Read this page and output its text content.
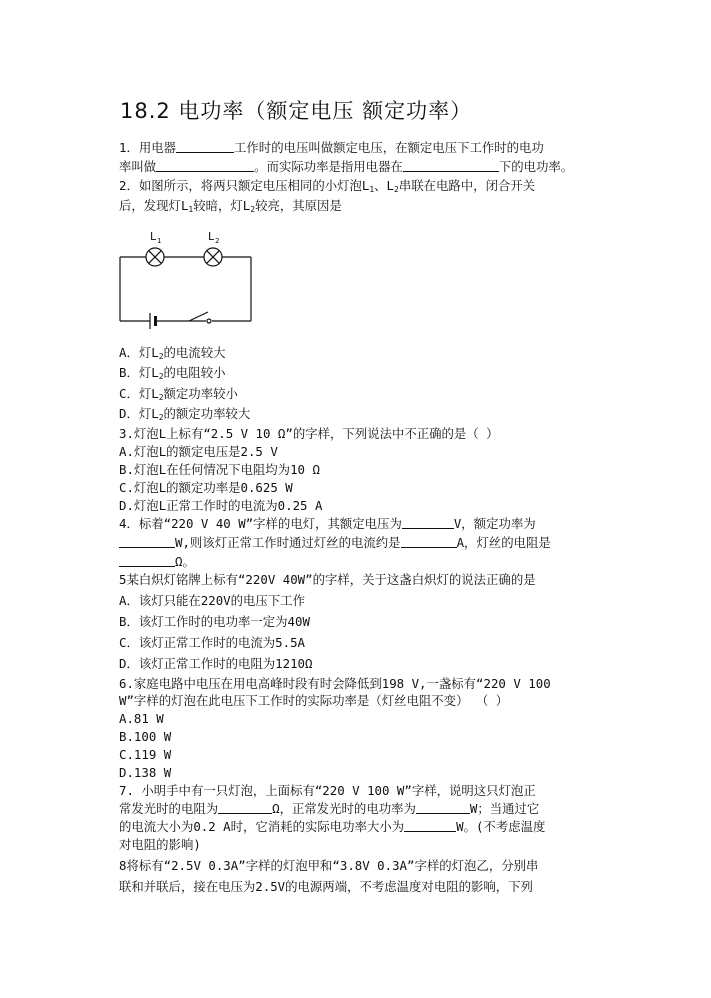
18.2 电功率（额定电压 额定功率）
1．用电器	工作时的电压叫做额定电压，在额定电压下工作时的电功
率叫做	。而实际功率是指用电器在	下的电功率。
2．如图所示，将两只额定电压相同的小灯泡$L_1$、$L_2$串联在电路中，闭合开关
后，发现灯$L_1$较暗，灯$L_2$较亮，其原因是
L 1	L 2
A．灯$L_2$的电流较大
B．灯$L_2$的电阻较小
C．灯$L_2$额定功率较小
D．灯$L_2$的额定功率较大
3.灯泡L上标有“2.5 V 10 Ω”的字样，下列说法中不正确的是（ ）
A.灯泡L的额定电压是2.5 V
B.灯泡L在任何情况下电阻均为10 Ω
C.灯泡L的额定功率是0.625 W
D.灯泡L正常工作时的电流为0.25 A
4．标着“220 V 40 W”字样的电灯，其额定电压为	V，额定功率为
W,则该灯正常工作时通过灯丝的电流约是	A，灯丝的电阻是
Ω。
5某白炽灯铭牌上标有“220V 40W”的字样，关于这盏白炽灯的说法正确的是
A．该灯只能在220V的电压下工作
B．该灯工作时的电功率一定为40W
C．该灯正常工作时的电流为5.5A
D．该灯正常工作时的电阻为1210Ω
6.家庭电路中电压在用电高峰时段有时会降低到198 V,一盏标有“220 V 100
W”字样的灯泡在此电压下工作时的实际功率是（灯丝电阻不变） （ ）
A.81 W
B.100 W
C.119 W
D.138 W
7. 小明手中有一只灯泡，上面标有“220 V 100 W”字样，说明这只灯泡正
常发光时的电阻为	Ω，正常发光时的电功率为	W；当通过它
的电流大小为0.2 A时，它消耗的实际电功率大小为	W。(不考虑温度
对电阻的影响)
8将标有“2.5V 0.3A”字样的灯泡甲和“3.8V 0.3A”字样的灯泡乙，分别串
联和并联后，接在电压为2.5V的电源两端，不考虑温度对电阻的影响，下列
